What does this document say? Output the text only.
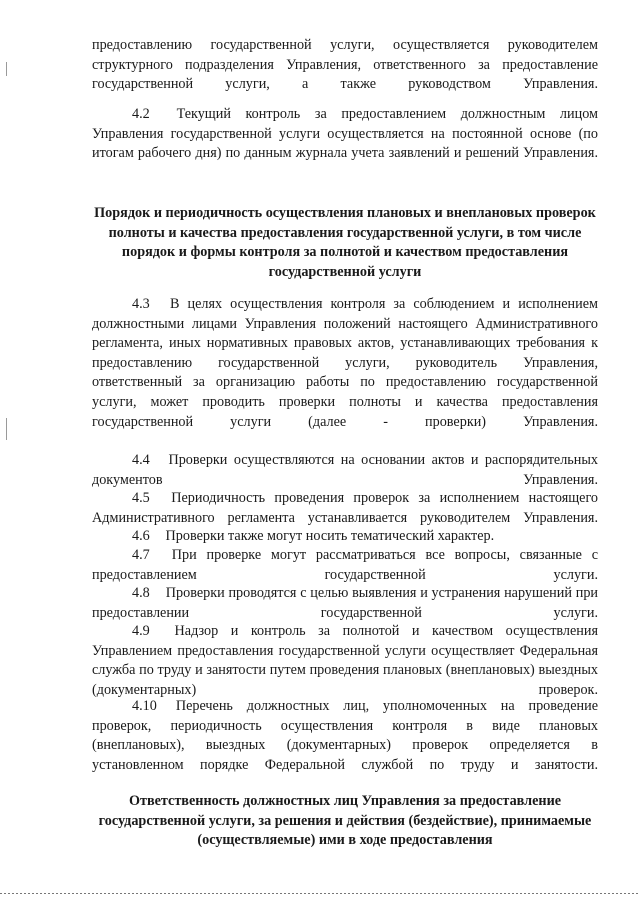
предоставлению государственной услуги, осуществляется руководителем структурного подразделения Управления, ответственного за предоставление государственной услуги, а также руководством Управления.

4.2 Текущий контроль за предоставлением должностным лицом Управления государственной услуги осуществляется на постоянной основе (по итогам рабочего дня) по данным журнала учета заявлений и решений Управления.

Порядок и периодичность осуществления плановых и внеплановых проверок полноты и качества предоставления государственной услуги, в том числе порядок и формы контроля за полнотой и качеством предоставления государственной услуги

4.3 В целях осуществления контроля за соблюдением и исполнением должностными лицами Управления положений настоящего Административного регламента, иных нормативных правовых актов, устанавливающих требования к предоставлению государственной услуги, руководитель Управления, ответственный за организацию работы по предоставлению государственной услуги, может проводить проверки полноты и качества предоставления государственной услуги (далее - проверки) Управления.

4.4 Проверки осуществляются на основании актов и распорядительных документов Управления.

4.5 Периодичность проведения проверок за исполнением настоящего Административного регламента устанавливается руководителем Управления.

4.6 Проверки также могут носить тематический характер.

4.7 При проверке могут рассматриваться все вопросы, связанные с предоставлением государственной услуги.

4.8 Проверки проводятся с целью выявления и устранения нарушений при предоставлении государственной услуги.

4.9 Надзор и контроль за полнотой и качеством осуществления Управлением предоставления государственной услуги осуществляет Федеральная служба по труду и занятости путем проведения плановых (внеплановых) выездных (документарных) проверок.

4.10 Перечень должностных лиц, уполномоченных на проведение проверок, периодичность осуществления контроля в виде плановых (внеплановых), выездных (документарных) проверок определяется в установленном порядке Федеральной службой по труду и занятости.

Ответственность должностных лиц Управления за предоставление государственной услуги, за решения и действия (бездействие), принимаемые (осуществляемые) ими в ходе предоставления
